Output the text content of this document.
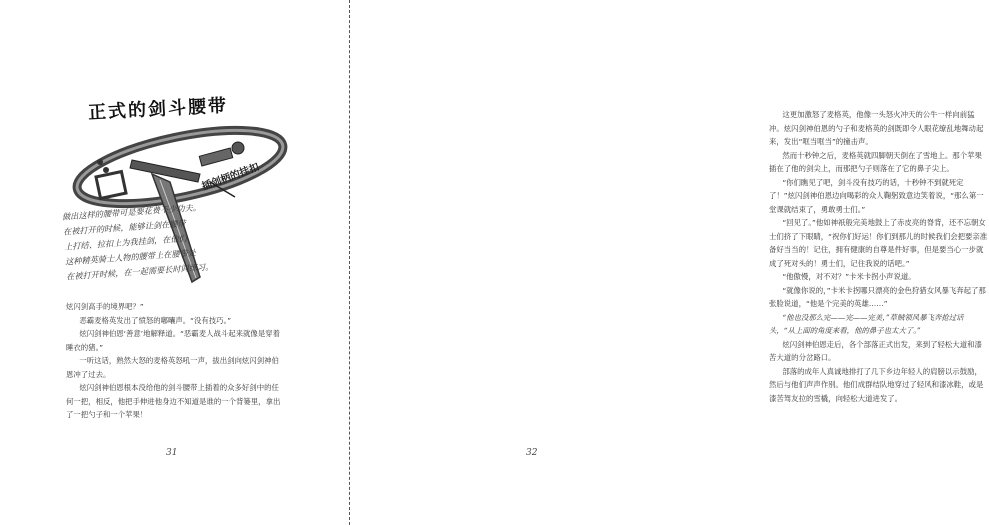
正式的剑斗腰带
插剑柄的挂扣
做出这样的腰带可是要花费不少功夫。
在被打开的时候，能够让剑在腰带
上打结、拉扣上为我挂剑，在他们
这种精英骑士人物的腰带上在腰带处
在被打开时候，在一起需要长时间练习。

炫闪剑高手的境界吧？”

恶霸麦格英发出了愤怒的嘟囔声。“没有技巧。”

炫闪剑神伯恩‘善意’地解释道。“恶霸麦人战斗起来就像是穿着睡衣的猪。”

一听这话，熟然大怒的麦格英怒吼一声，拔出剑向炫闪剑神伯恩冲了过去。

炫闪剑神伯恩根本没给他的剑斗腰带上插着的众多好剑中的任何一把，相反，他把手伸进他身边不知道是谁的一个背篓里，拿出了一把勺子和一个苹果！

31

这更加激怒了麦格英，他像一头怒火冲天的公牛一样向前猛冲。炫闪剑神伯恩的勺子和麦格英的剑既即令人眼花缭乱地舞动起来，发出“哐当哐当”的撞击声。

然而十秒钟之后，麦格英就四脚朝天倒在了雪地上。那个苹果插在了他的剑尖上，而那把勺子则落在了它的鼻子尖上。

“你们瞧见了吧，剑斗没有技巧的话，十秒钟不到就死定了！”炫闪剑神伯恩边向喝彩的众人鞠躬致意边笑着说，“那么第一堂课就结束了，勇敢勇士们。”

“回见了。”他如神祇般完美地鼓上了赤皮亮的脊背，还不忘朝女士们挤了下眼睛，“祝你们好运！你们到那儿的时候我们会把要亲准备好当当的！记住，拥有健康的自尊是件好事，但是要当心一步就成了死对头的！勇士们，记住我说的话吧。”

“他傲慢，对不对？”卡米卡拐小声说道。

“就像你说的，”卡米卡拐哪只漂亮的金色狩猎女风暴飞奔起了那张脸说道，“他是个完美的英雄……”

“他也没那么完——完——完美，”草贼领风暴飞奔抢过话头，“从上面的角度来看，他的鼻子也太大了。”

炫闪剑神伯恩走后，各个部落正式出发，来到了轻松大道和漆苦大道的分岔路口。

部落的成年人真诚地排打了几下乡边年轻人的肩膀以示鼓励，然后与他们声声作别。他们成群结队地穿过了轻风和漆冰鞋，或是漆苦驾友拉的雪橇，向轻松大道进发了。

32
